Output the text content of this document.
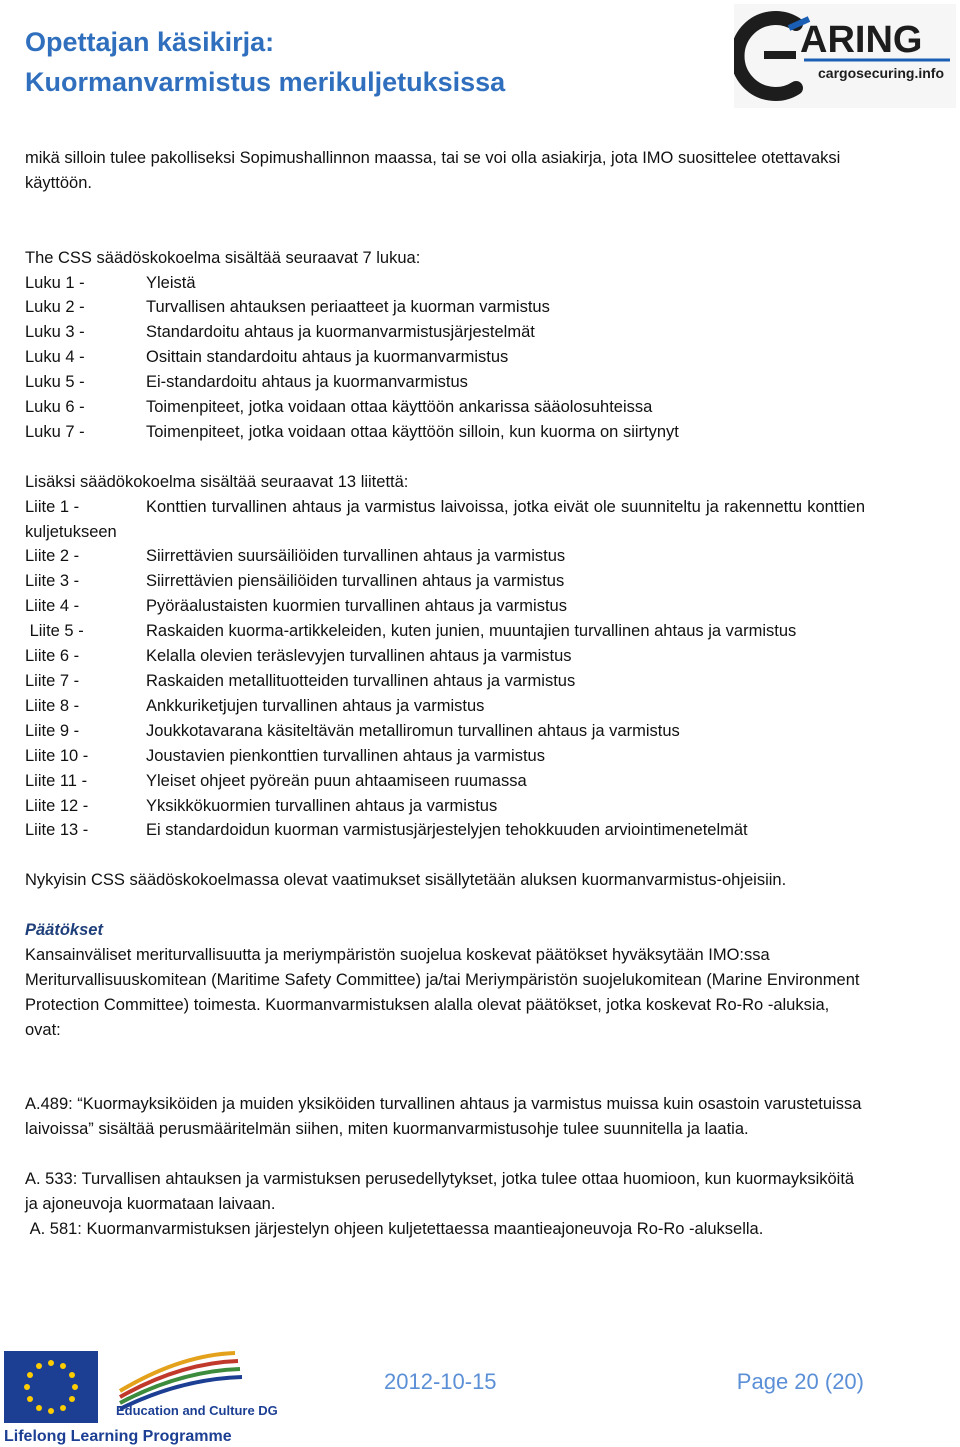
Opettajan käsikirja:
Kuormanvarmistus merikuljetuksissa
ARING
cargosecuring.info

mikä silloin tulee pakolliseksi Sopimushallinnon maassa, tai se voi olla asiakirja, jota IMO suosittelee otettavaksi käyttöön.

The CSS säädöskokoelma sisältää seuraavat 7 lukua:

Luku 1 -	Yleistä
Luku 2 -	Turvallisen ahtauksen periaatteet ja kuorman varmistus
Luku 3 -	Standardoitu ahtaus ja kuormanvarmistusjärjestelmät
Luku 4 -	Osittain standardoitu ahtaus ja kuormanvarmistus
Luku 5 -	Ei-standardoitu ahtaus ja kuormanvarmistus
Luku 6 -	Toimenpiteet, jotka voidaan ottaa käyttöön ankarissa sääolosuhteissa
Luku 7 -	Toimenpiteet, jotka voidaan ottaa käyttöön silloin, kun kuorma on siirtynyt

Lisäksi säädökokoelma sisältää seuraavat 13 liitettä:

Liite 1 -	Konttien turvallinen ahtaus ja varmistus laivoissa, jotka eivät ole suunniteltu ja rakennettu konttien kuljetukseen

Liite 2 -	Siirrettävien suursäiliöiden turvallinen ahtaus ja varmistus
Liite 3 -	Siirrettävien piensäiliöiden turvallinen ahtaus ja varmistus
Liite 4 -	Pyöräalustaisten kuormien turvallinen ahtaus ja varmistus

Liite 5 -	Raskaiden kuorma-artikkeleiden, kuten junien, muuntajien turvallinen ahtaus ja varmistus

Liite 6 -	Kelalla olevien teräslevyjen turvallinen ahtaus ja varmistus
Liite 7 -	Raskaiden metallituotteiden turvallinen ahtaus ja varmistus
Liite 8 -	Ankkuriketjujen turvallinen ahtaus ja varmistus
Liite 9 -	Joukkotavarana käsiteltävän metalliromun turvallinen ahtaus ja varmistus
Liite 10 -	Joustavien pienkonttien turvallinen ahtaus ja varmistus
Liite 11 -	Yleiset ohjeet pyöreän puun ahtaamiseen ruumassa
Liite 12 -	Yksikkökuormien turvallinen ahtaus ja varmistus
Liite 13 -	Ei standardoidun kuorman varmistusjärjestelyjen tehokkuuden arviointimenetelmät

Nykyisin CSS säädöskokoelmassa olevat vaatimukset sisällytetään aluksen kuormanvarmistus-ohjeisiin.

Päätökset

Kansainväliset meriturvallisuutta ja meriympäristön suojelua koskevat päätökset hyväksytään IMO:ssa Meriturvallisuuskomitean (Maritime Safety Committee) ja/tai Meriympäristön suojelukomitean (Marine Environment Protection Committee) toimesta. Kuormanvarmistuksen alalla olevat päätökset, jotka koskevat Ro-Ro -aluksia, ovat:

A.489: “Kuormayksiköiden ja muiden yksiköiden turvallinen ahtaus ja varmistus muissa kuin osastoin varustetuissa laivoissa” sisältää perusmääritelmän siihen, miten kuormanvarmistusohje tulee suunnitella ja laatia.

A. 533: Turvallisen ahtauksen ja varmistuksen perusedellytykset, jotka tulee ottaa huomioon, kun kuormayksiköitä ja ajoneuvoja kuormataan laivaan.

A. 581: Kuormanvarmistuksen järjestelyn ohjeen kuljetettaessa maantieajoneuvoja Ro-Ro -aluksella.

Education and Culture DG
Lifelong Learning Programme
2012-10-15	Page 20 (20)
